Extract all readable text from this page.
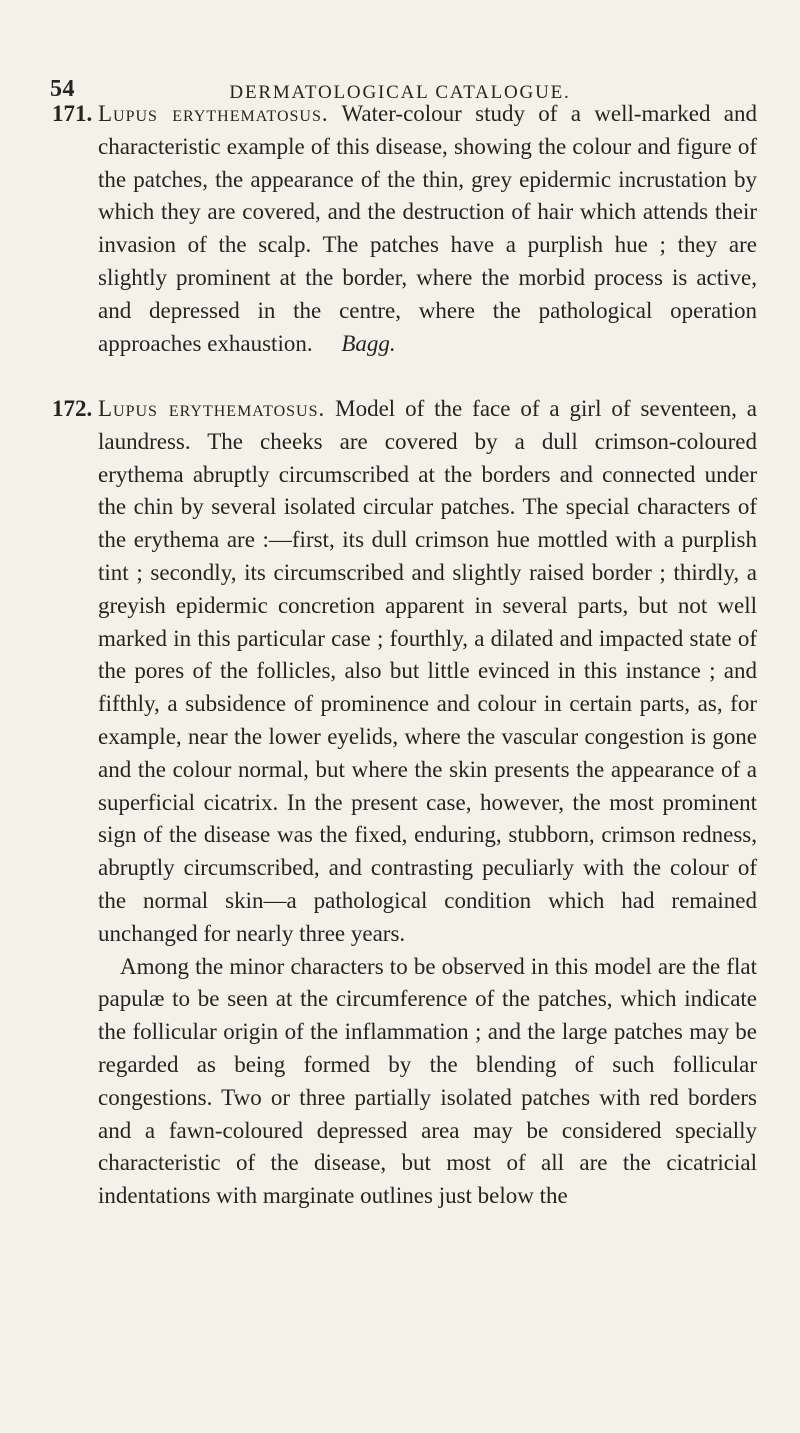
54	DERMATOLOGICAL CATALOGUE.
171. Lupus erythematosus. Water-colour study of a well-marked and characteristic example of this disease, showing the colour and figure of the patches, the appearance of the thin, grey epidermic incrustation by which they are covered, and the destruction of hair which attends their invasion of the scalp. The patches have a purplish hue ; they are slightly prominent at the border, where the morbid process is active, and depressed in the centre, where the pathological operation approaches exhaustion. Bagg.

172. Lupus erythematosus. Model of the face of a girl of seventeen, a laundress. The cheeks are covered by a dull crimson-coloured erythema abruptly circumscribed at the borders and connected under the chin by several isolated circular patches. The special characters of the erythema are :—first, its dull crimson hue mottled with a purplish tint ; secondly, its circumscribed and slightly raised border ; thirdly, a greyish epidermic concretion apparent in several parts, but not well marked in this particular case ; fourthly, a dilated and impacted state of the pores of the follicles, also but little evinced in this instance ; and fifthly, a subsidence of prominence and colour in certain parts, as, for example, near the lower eyelids, where the vascular congestion is gone and the colour normal, but where the skin presents the appearance of a superficial cicatrix. In the present case, however, the most prominent sign of the disease was the fixed, enduring, stubborn, crimson redness, abruptly circumscribed, and contrasting peculiarly with the colour of the normal skin—a pathological condition which had remained unchanged for nearly three years.

Among the minor characters to be observed in this model are the flat papulæ to be seen at the circumference of the patches, which indicate the follicular origin of the inflammation ; and the large patches may be regarded as being formed by the blending of such follicular congestions. Two or three partially isolated patches with red borders and a fawn-coloured depressed area may be considered specially characteristic of the disease, but most of all are the cicatricial indentations with marginate outlines just below the
